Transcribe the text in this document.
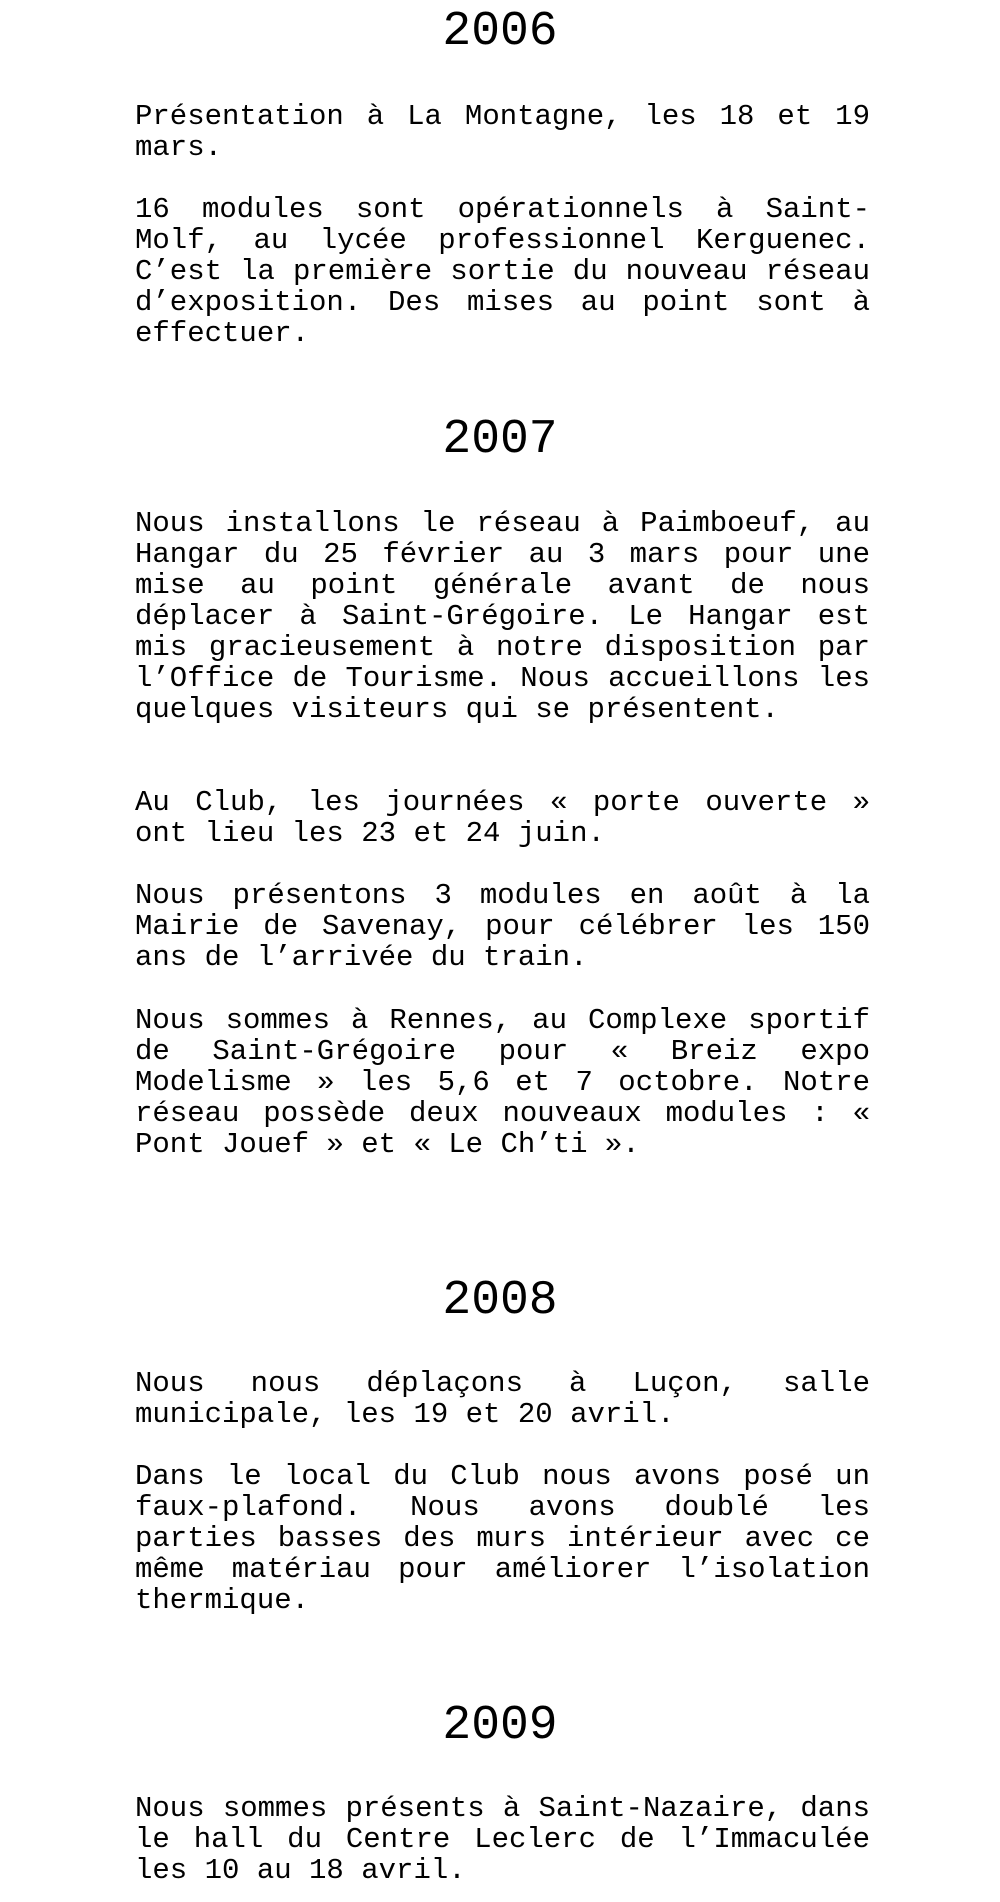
2006

Présentation à La Montagne, les 18 et 19 mars.

16 modules sont opérationnels à Saint-Molf, au lycée professionnel Kerguenec. C’est la première sortie du nouveau réseau d’exposition. Des mises au point sont à effectuer.

2007

Nous installons le réseau à Paimboeuf, au Hangar du 25 février au 3 mars pour une mise au point générale avant de nous déplacer à Saint-Grégoire. Le Hangar est mis gracieusement à notre disposition par l’Office de Tourisme. Nous accueillons les quelques visiteurs qui se présentent.

Au Club, les journées « porte ouverte » ont lieu les 23 et 24 juin.

Nous présentons 3 modules en août à la Mairie de Savenay, pour célébrer les 150 ans de l’arrivée du train.

Nous sommes à Rennes, au Complexe sportif de Saint-Grégoire pour « Breiz expo Modelisme » les 5,6 et 7 octobre. Notre réseau possède deux nouveaux modules : « Pont Jouef » et « Le Ch’ti ».

2008

Nous nous déplaçons à Luçon, salle municipale, les 19 et 20 avril.

Dans le local du Club nous avons posé un faux-plafond. Nous avons doublé les parties basses des murs intérieur avec ce même matériau pour améliorer l’isolation thermique.

2009

Nous sommes présents à Saint-Nazaire, dans le hall du Centre Leclerc de l’Immaculée les 10 au 18 avril.
